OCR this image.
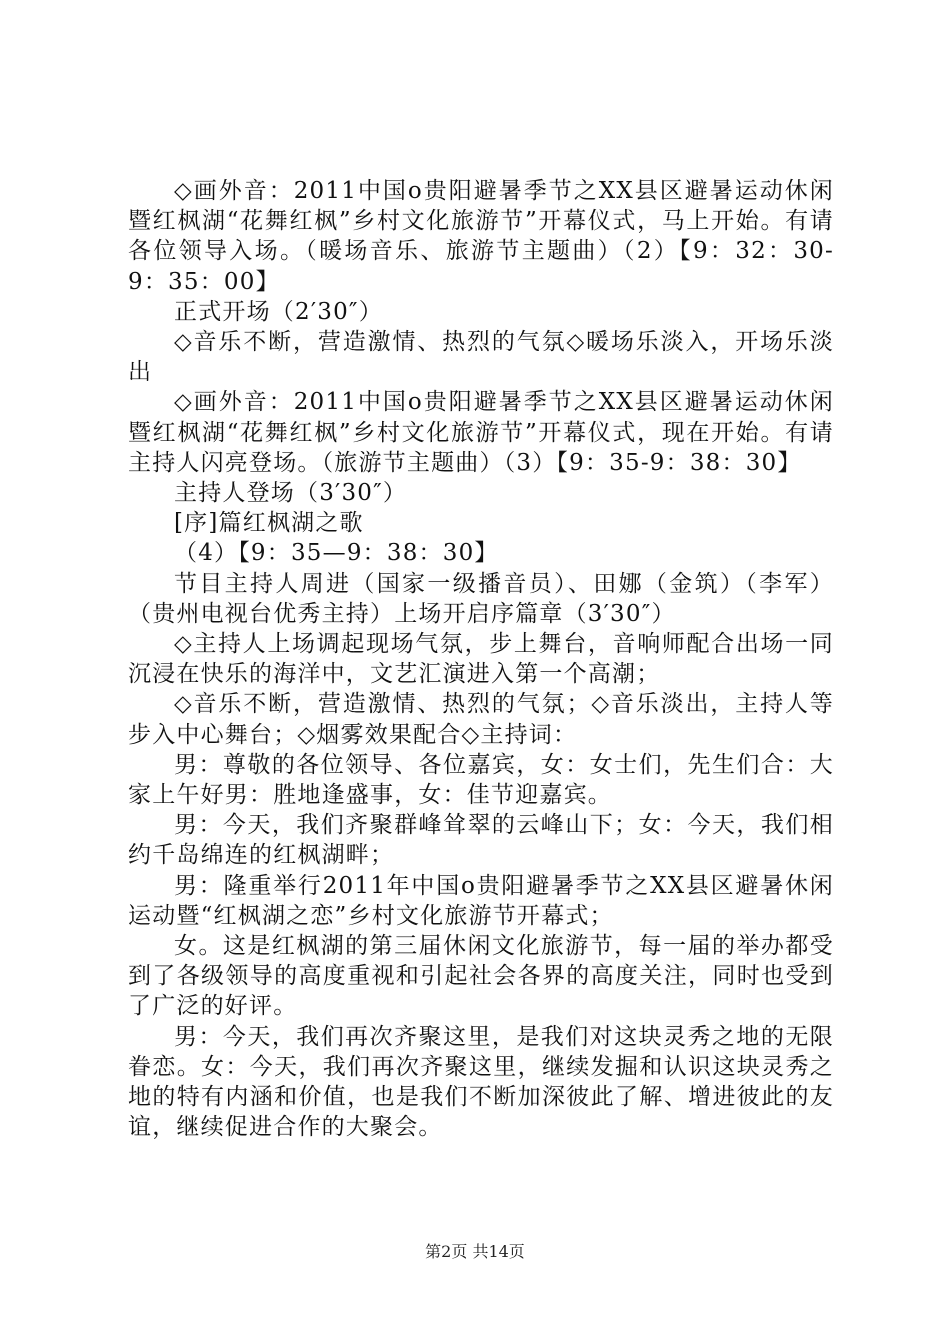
◇画外音：2011中国o贵阳避暑季节之XX县区避暑运动休闲暨红枫湖“花舞红枫”乡村文化旅游节”开幕仪式，马上开始。有请各位领导入场。（暖场音乐、旅游节主题曲）（2）【9：32：30-9：35：00】

正式开场（2′30″）

◇音乐不断，营造激情、热烈的气氛◇暖场乐淡入，开场乐淡出

◇画外音：2011中国o贵阳避暑季节之XX县区避暑运动休闲暨红枫湖“花舞红枫”乡村文化旅游节”开幕仪式，现在开始。有请主持人闪亮登场。（旅游节主题曲）（3）【9：35-9：38：30】

主持人登场（3′30″）

[序]篇红枫湖之歌

（4）【9：35—9：38：30】

节目主持人周进（国家一级播音员）、田娜（金筑）（李军）（贵州电视台优秀主持）上场开启序篇章（3′30″）

◇主持人上场调起现场气氛，步上舞台，音响师配合出场一同沉浸在快乐的海洋中，文艺汇演进入第一个高潮；

◇音乐不断，营造激情、热烈的气氛；◇音乐淡出，主持人等步入中心舞台；◇烟雾效果配合◇主持词：

男：尊敬的各位领导、各位嘉宾，女：女士们，先生们合：大家上午好男：胜地逢盛事，女：佳节迎嘉宾。

男：今天，我们齐聚群峰耸翠的云峰山下；女：今天，我们相约千岛绵连的红枫湖畔；

男：隆重举行2011年中国o贵阳避暑季节之XX县区避暑休闲运动暨“红枫湖之恋”乡村文化旅游节开幕式；

女。这是红枫湖的第三届休闲文化旅游节，每一届的举办都受到了各级领导的高度重视和引起社会各界的高度关注，同时也受到了广泛的好评。

男：今天，我们再次齐聚这里，是我们对这块灵秀之地的无限眷恋。女：今天，我们再次齐聚这里，继续发掘和认识这块灵秀之地的特有内涵和价值，也是我们不断加深彼此了解、增进彼此的友谊，继续促进合作的大聚会。

第2页 共14页
